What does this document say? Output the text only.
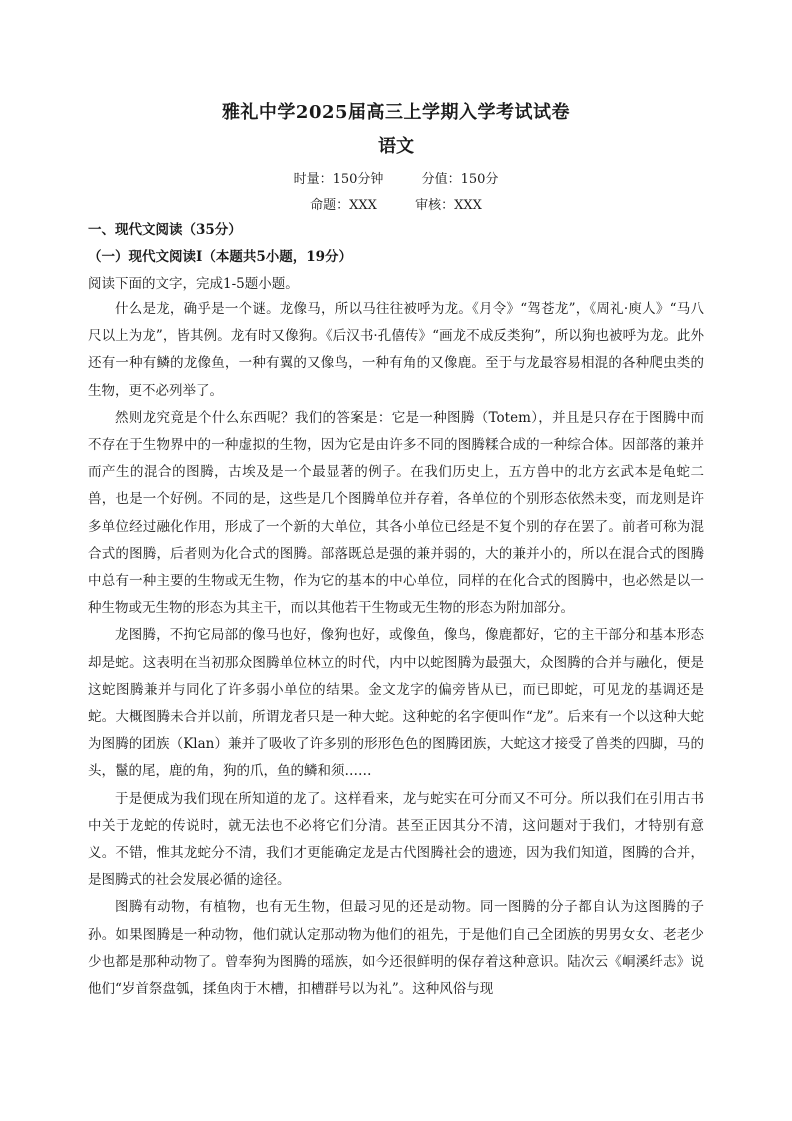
雅礼中学2025届高三上学期入学考试试卷
语文
时量：150分钟	分值：150分
命题：XXX	审核：XXX
一、现代文阅读（35分）
（一）现代文阅读I（本题共5小题，19分）
阅读下面的文字，完成1-5题小题。

什么是龙，确乎是一个谜。龙像马，所以马往往被呼为龙。《月令》“驾苍龙”，《周礼·庾人》“马八尺以上为龙”，皆其例。龙有时又像狗。《后汉书·孔僖传》“画龙不成反类狗”，所以狗也被呼为龙。此外还有一种有鳞的龙像鱼，一种有翼的又像鸟，一种有角的又像鹿。至于与龙最容易相混的各种爬虫类的生物，更不必列举了。

然则龙究竟是个什么东西呢？我们的答案是：它是一种图腾（Totem），并且是只存在于图腾中而不存在于生物界中的一种虚拟的生物，因为它是由许多不同的图腾糅合成的一种综合体。因部落的兼并而产生的混合的图腾，古埃及是一个最显著的例子。在我们历史上，五方兽中的北方玄武本是龟蛇二兽，也是一个好例。不同的是，这些是几个图腾单位并存着，各单位的个别形态依然未变，而龙则是许多单位经过融化作用，形成了一个新的大单位，其各小单位已经是不复个别的存在罢了。前者可称为混合式的图腾，后者则为化合式的图腾。部落既总是强的兼并弱的，大的兼并小的，所以在混合式的图腾中总有一种主要的生物或无生物，作为它的基本的中心单位，同样的在化合式的图腾中，也必然是以一种生物或无生物的形态为其主干，而以其他若干生物或无生物的形态为附加部分。

龙图腾，不拘它局部的像马也好，像狗也好，或像鱼，像鸟，像鹿都好，它的主干部分和基本形态却是蛇。这表明在当初那众图腾单位林立的时代，内中以蛇图腾为最强大，众图腾的合并与融化，便是这蛇图腾兼并与同化了许多弱小单位的结果。金文龙字的偏旁皆从已，而已即蛇，可见龙的基调还是蛇。大概图腾未合并以前，所谓龙者只是一种大蛇。这种蛇的名字便叫作“龙”。后来有一个以这种大蛇为图腾的团族（Klan）兼并了吸收了许多别的形形色色的图腾团族，大蛇这才接受了兽类的四脚，马的头，鬣的尾，鹿的角，狗的爪，鱼的鳞和须……

于是便成为我们现在所知道的龙了。这样看来，龙与蛇实在可分而又不可分。所以我们在引用古书中关于龙蛇的传说时，就无法也不必将它们分清。甚至正因其分不清，这问题对于我们，才特别有意义。不错，惟其龙蛇分不清，我们才更能确定龙是古代图腾社会的遗迹，因为我们知道，图腾的合并，是图腾式的社会发展必循的途径。

图腾有动物，有植物，也有无生物，但最习见的还是动物。同一图腾的分子都自认为这图腾的子孙。如果图腾是一种动物，他们就认定那动物为他们的祖先，于是他们自己全团族的男男女女、老老少少也都是那种动物了。曾奉狗为图腾的瑶族，如今还很鲜明的保存着这种意识。陆次云《峒溪纤志》说他们“岁首祭盘瓠，揉鱼肉于木槽，扣槽群号以为礼”。这种风俗与现
